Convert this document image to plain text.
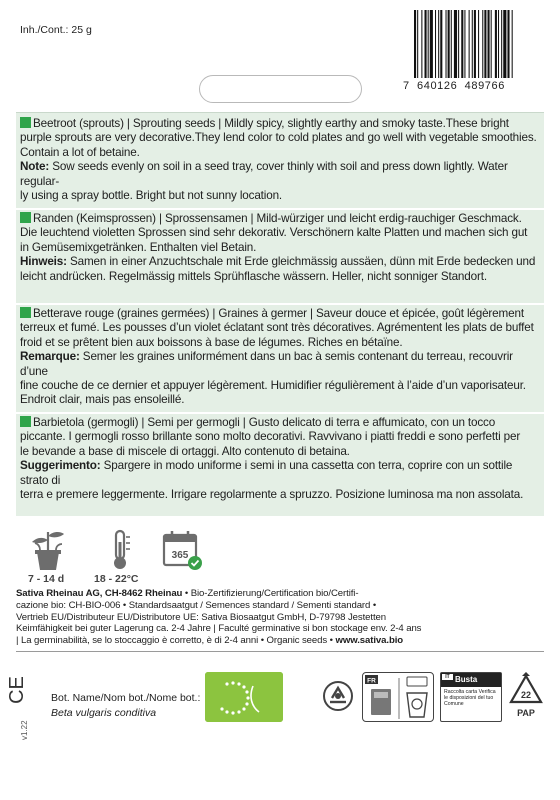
Inh./Cont.: 25 g
7  640126  489766
Beetroot (sprouts) | Sprouting seeds | Mildly spicy, slightly earthy and smoky taste.These bright
purple sprouts are very decorative.They lend color to cold plates and go well with vegetable smoothies.
Contain a lot of betaine.
Note: Sow seeds evenly on soil in a seed tray, cover thinly with soil and press down lightly. Water regular-
ly using a spray bottle. Bright but not sunny location.
Randen (Keimsprossen) | Sprossensamen | Mild-würziger und leicht erdig-rauchiger Geschmack.
Die leuchtend violetten Sprossen sind sehr dekorativ. Verschönern kalte Platten und machen sich gut
in Gemüsemixgetränken. Enthalten viel Betain.
Hinweis: Samen in einer Anzuchtschale mit Erde gleichmässig aussäen, dünn mit Erde bedecken und
leicht andrücken. Regelmässig mittels Sprühflasche wässern. Heller, nicht sonniger Standort.
Betterave rouge (graines germées) | Graines à germer | Saveur douce et épicée, goût légèrement
terreux et fumé. Les pousses d’un violet éclatant sont très décoratives. Agrémentent les plats de buffet
froid et se prêtent bien aux boissons à base de légumes. Riches en bétaïne.
Remarque: Semer les graines uniformément dans un bac à semis contenant du terreau, recouvrir d’une
fine couche de ce dernier et appuyer légèrement. Humidifier régulièrement à l’aide d’un vaporisateur.
Endroit clair, mais pas ensoleillé.
Barbietola (germogli) | Semi per germogli | Gusto delicato di terra e affumicato, con un tocco
piccante. I germogli rosso brillante sono molto decorativi. Ravvivano i piatti freddi e sono perfetti per
le bevande a base di miscele di ortaggi. Alto contenuto di betaina.
Suggerimento: Spargere in modo uniforme i semi in una cassetta con terra, coprire con un sottile strato di
terra e premere leggermente. Irrigare regolarmente a spruzzo. Posizione luminosa ma non assolata.
7 - 14 d	18 - 22°C
365
Sativa Rheinau AG, CH-8462 Rheinau • Bio-Zertifizierung/Certification bio/Certifi-
cazione bio: CH-BIO-006 • Standardsaatgut / Semences standard / Sementi standard •
Vertrieb EU/Distributeur EU/Distributore UE: Sativa Biosaatgut GmbH, D-79798 Jestetten
Keimfähigkeit bei guter Lagerung ca. 2-4 Jahre | Faculté germinative si bon stockage env. 2-4 ans
| La germinabilità, se lo stoccaggio è corretto, è di 2-4 anni • Organic seeds • www.sativa.bio
CE
v1.22
Bot. Name/Nom bot./Nome bot.:
Beta vulgaris conditiva
FR
IT Busta
Raccolta carta Verifica le disposizioni del tuo Comune
22
PAP
